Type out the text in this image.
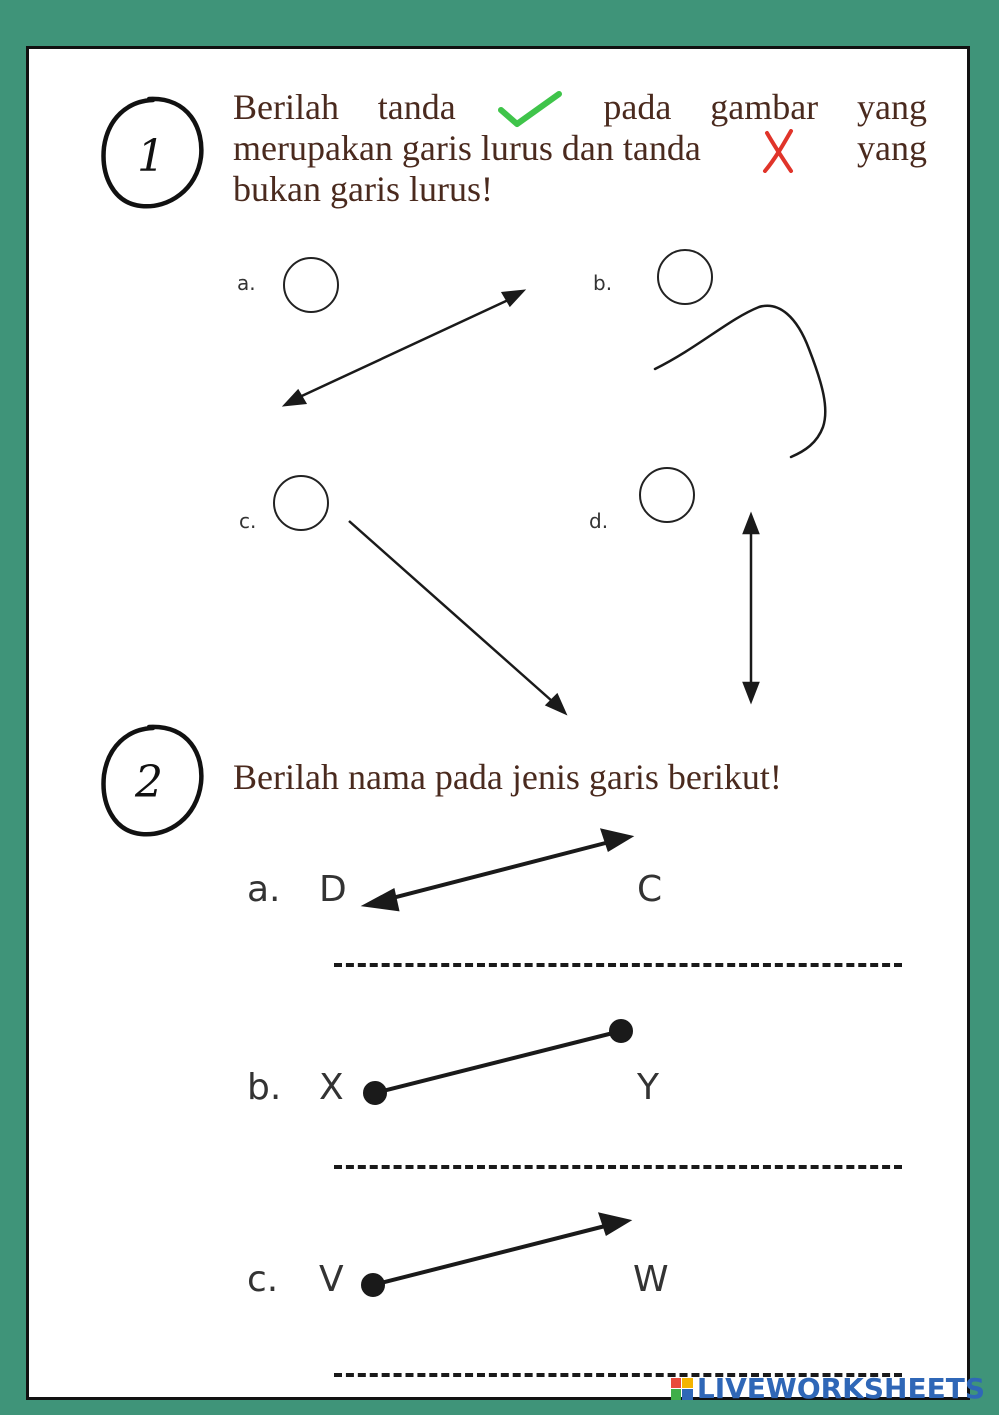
1
2
Berilah tanda	pada gambar yang
merupakan garis lurus dan tanda	yang
bukan garis lurus!
a.	b.
c.	d.
Berilah nama pada jenis garis berikut!
a. D	C
b. X	Y
c. V	W
LIVEWORKSHEETS
